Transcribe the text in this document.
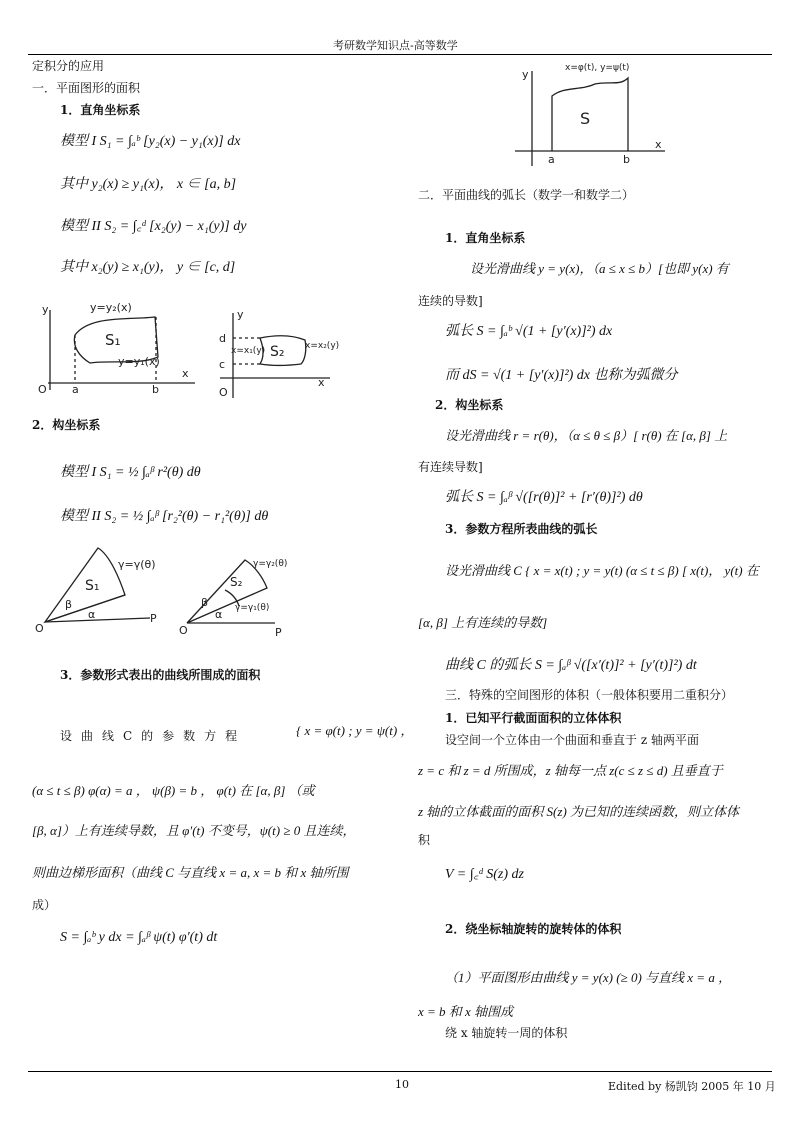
考研数学知识点-高等数学
10	Edited by 杨凯钧 2005 年 10 月
定积分的应用
一．平面图形的面积
1．直角坐标系
模型 I S₁ = ∫ₐᵇ [y₂(x) − y₁(x)] dx
其中 y₂(x) ≥ y₁(x)， x ∈ [a, b]
模型 II S₂ = ∫꜀ᵈ [x₂(y) − x₁(y)] dy
其中 x₂(y) ≥ x₁(y)， y ∈ [c, d]
y
x
y=y₂(x)
y=y₁(x)
S₁
O a	b
y
x
x=x₁(y)	x=x₂(y)
S₂
d
c
O
2．构坐标系
模型 I S₁ = ½ ∫ₐᵝ r²(θ) dθ
模型 II S₂ = ½ ∫ₐᵝ [r₂²(θ) − r₁²(θ)] dθ
γ=γ(θ)
S₁
β
α
O
P
γ=γ₂(θ)
γ=γ₁(θ)
S₂
β
α
O	P
3．参数形式表出的曲线所围成的面积
设曲线C的参数方程	{ x = φ(t) ; y = ψ(t) ，
(α ≤ t ≤ β) φ(α) = a ， ψ(β) = b ， φ(t) 在 [α, β] （或
[β, α]）上有连续导数，且 φ′(t) 不变号，ψ(t) ≥ 0 且连续，
则曲边梯形面积（曲线 C 与直线 x = a, x = b 和 x 轴所围
成）
S = ∫ₐᵇ y dx = ∫ₐᵝ ψ(t) φ′(t) dt
y
x
x=φ(t), y=ψ(t)
S
a	b
二．平面曲线的弧长（数学一和数学二）
1．直角坐标系
设光滑曲线 y = y(x)，（a ≤ x ≤ b）[也即 y(x) 有
连续的导数]
弧长 S = ∫ₐᵇ √(1 + [y′(x)]²) dx
而 dS = √(1 + [y′(x)]²) dx 也称为弧微分
2．构坐标系
设光滑曲线 r = r(θ)，（α ≤ θ ≤ β）[ r(θ) 在 [α, β] 上
有连续导数]
弧长 S = ∫ₐᵝ √([r(θ)]² + [r′(θ)]²) dθ
3．参数方程所表曲线的弧长
设光滑曲线 C { x = x(t) ; y = y(t) (α ≤ t ≤ β) [ x(t)， y(t) 在
[α, β] 上有连续的导数]
曲线 C 的弧长 S = ∫ₐᵝ √([x′(t)]² + [y′(t)]²) dt
三．特殊的空间图形的体积（一般体积要用二重积分）
1．已知平行截面面积的立体体积
设空间一个立体由一个曲面和垂直于 z 轴两平面
z = c 和 z = d 所围成，z 轴每一点 z(c ≤ z ≤ d) 且垂直于
z 轴的立体截面的面积 S(z) 为已知的连续函数，则立体体
积
V = ∫꜀ᵈ S(z) dz
2．绕坐标轴旋转的旋转体的体积
（1）平面图形由曲线 y = y(x) (≥ 0) 与直线 x = a ，
x = b 和 x 轴围成
绕 x 轴旋转一周的体积
